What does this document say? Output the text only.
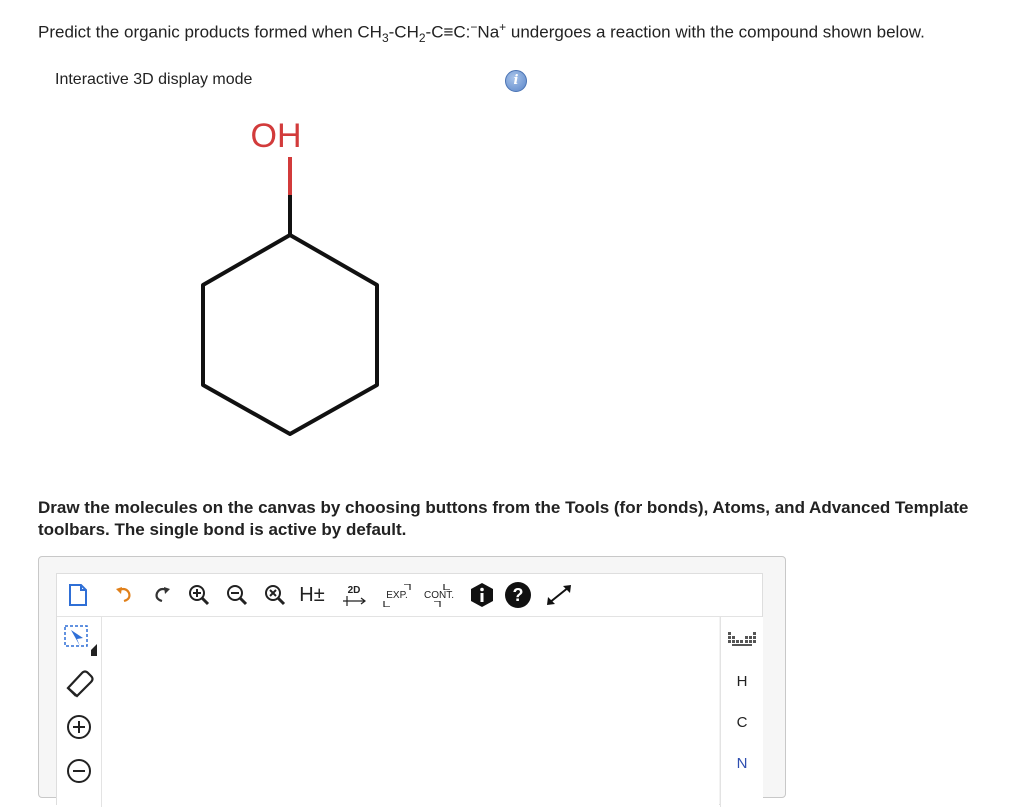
Predict the organic products formed when $CH_3-CH_2-C\equiv C:^-Na^+$ undergoes a reaction with the compound shown below.
Interactive 3D display mode	i
OH
Draw the molecules on the canvas by choosing buttons from the Tools (for bonds), Atoms, and Advanced Template toolbars. The single bond is active by default.
H± 2D	EXP. CONT.	?
H
C
N
